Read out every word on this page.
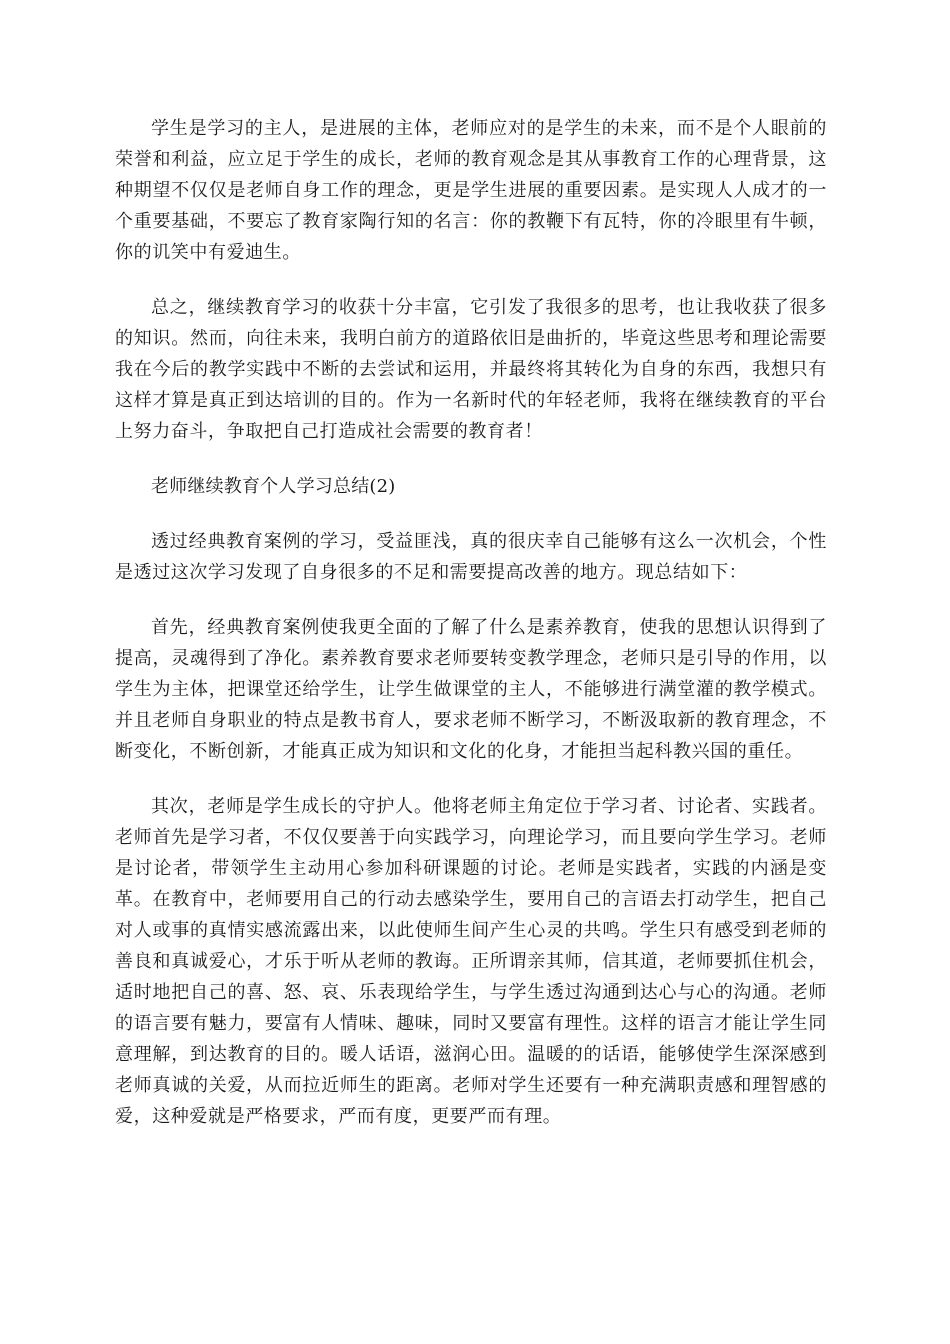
学生是学习的主人，是进展的主体，老师应对的是学生的未来，而不是个人眼前的荣誉和利益，应立足于学生的成长，老师的教育观念是其从事教育工作的心理背景，这种期望不仅仅是老师自身工作的理念，更是学生进展的重要因素。是实现人人成才的一个重要基础，不要忘了教育家陶行知的名言：你的教鞭下有瓦特，你的冷眼里有牛顿，你的讥笑中有爱迪生。

总之，继续教育学习的收获十分丰富，它引发了我很多的思考，也让我收获了很多的知识。然而，向往未来，我明白前方的道路依旧是曲折的，毕竟这些思考和理论需要我在今后的教学实践中不断的去尝试和运用，并最终将其转化为自身的东西，我想只有这样才算是真正到达培训的目的。作为一名新时代的年轻老师，我将在继续教育的平台上努力奋斗，争取把自己打造成社会需要的教育者！

老师继续教育个人学习总结(2)

透过经典教育案例的学习，受益匪浅，真的很庆幸自己能够有这么一次机会，个性是透过这次学习发现了自身很多的不足和需要提高改善的地方。现总结如下：

首先，经典教育案例使我更全面的了解了什么是素养教育，使我的思想认识得到了提高，灵魂得到了净化。素养教育要求老师要转变教学理念，老师只是引导的作用，以学生为主体，把课堂还给学生，让学生做课堂的主人，不能够进行满堂灌的教学模式。并且老师自身职业的特点是教书育人，要求老师不断学习，不断汲取新的教育理念，不断变化，不断创新，才能真正成为知识和文化的化身，才能担当起科教兴国的重任。

其次，老师是学生成长的守护人。他将老师主角定位于学习者、讨论者、实践者。老师首先是学习者，不仅仅要善于向实践学习，向理论学习，而且要向学生学习。老师是讨论者，带领学生主动用心参加科研课题的讨论。老师是实践者，实践的内涵是变革。在教育中，老师要用自己的行动去感染学生，要用自己的言语去打动学生，把自己对人或事的真情实感流露出来，以此使师生间产生心灵的共鸣。学生只有感受到老师的善良和真诚爱心，才乐于听从老师的教诲。正所谓亲其师，信其道，老师要抓住机会，适时地把自己的喜、怒、哀、乐表现给学生，与学生透过沟通到达心与心的沟通。老师的语言要有魅力，要富有人情味、趣味，同时又要富有理性。这样的语言才能让学生同意理解，到达教育的目的。暖人话语，滋润心田。温暖的的话语，能够使学生深深感到老师真诚的关爱，从而拉近师生的距离。老师对学生还要有一种充满职责感和理智感的爱，这种爱就是严格要求，严而有度，更要严而有理。
